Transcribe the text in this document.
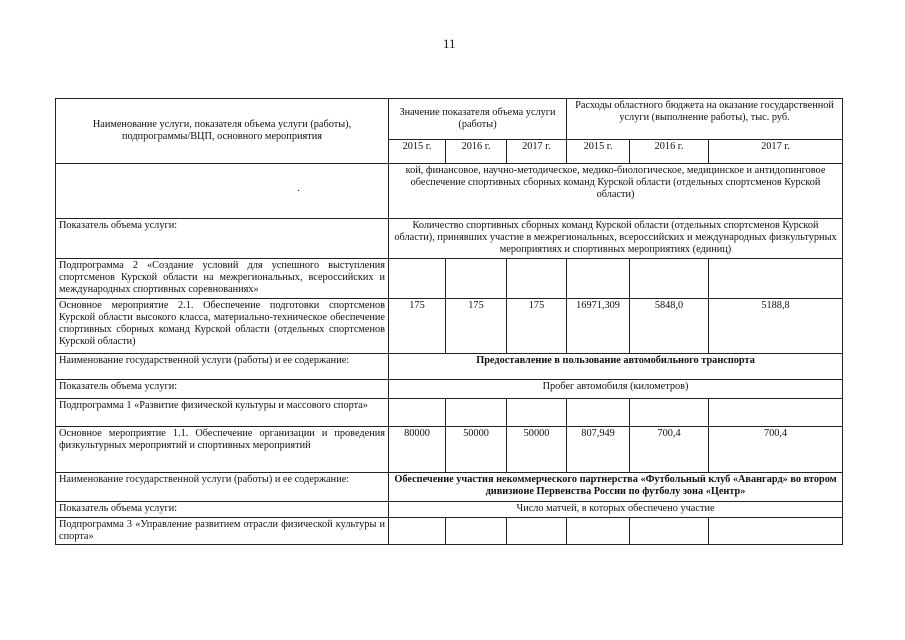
11
·
Наименование услуги, показателя объема услуги (работы), подпрограммы/ВЦП, основного мероприятия	Значение показателя объема услуги (работы)			Расходы областного бюджета на оказание государственной услуги (выполнение работы), тыс. руб.		
	2015 г.	2016 г.	2017 г.	2015 г.	2016 г.	2017 г.
	кой, финансовое, научно-методическое, медико-биологическое, медицинское и антидопинговое обеспечение спортивных сборных команд Курской области (отдельных спортсменов Курской области)					
Показатель объема услуги:	Количество спортивных сборных команд Курской области (отдельных спортсменов Курской области), принявших участие в межрегиональных, всероссийских и международных физкультурных мероприятиях и спортивных мероприятиях (единиц)					
Подпрограмма 2 «Создание условий для успешного выступления спортсменов Курской области на межрегиональных, всероссийских и международных спортивных соревнованиях»						
Основное мероприятие 2.1. Обеспечение подготовки спортсменов Курской области высокого класса, материально-техническое обеспечение спортивных сборных команд Курской области (отдельных спортсменов Курской области)	175	175	175	16971,309	5848,0	5188,8
Наименование государственной услуги (работы) и ее содержание:	Предоставление в пользование автомобильного транспорта					
Показатель объема услуги:	Пробег автомобиля (километров)					
Подпрограмма 1 «Развитие физической культуры и массового спорта»						
Основное мероприятие 1.1. Обеспечение организации и проведения физкультурных мероприятий и спортивных мероприятий	80000	50000	50000	807,949	700,4	700,4
Наименование государственной услуги (работы) и ее содержание:	Обеспечение участия некоммерческого партнерства «Футбольный клуб «Авангард» во втором дивизионе Первенства России по футболу зона «Центр»					
Показатель объема услуги:	Число матчей, в которых обеспечено участие					
Подпрограмма 3 «Управление развитием отрасли физической культуры и спорта»						
